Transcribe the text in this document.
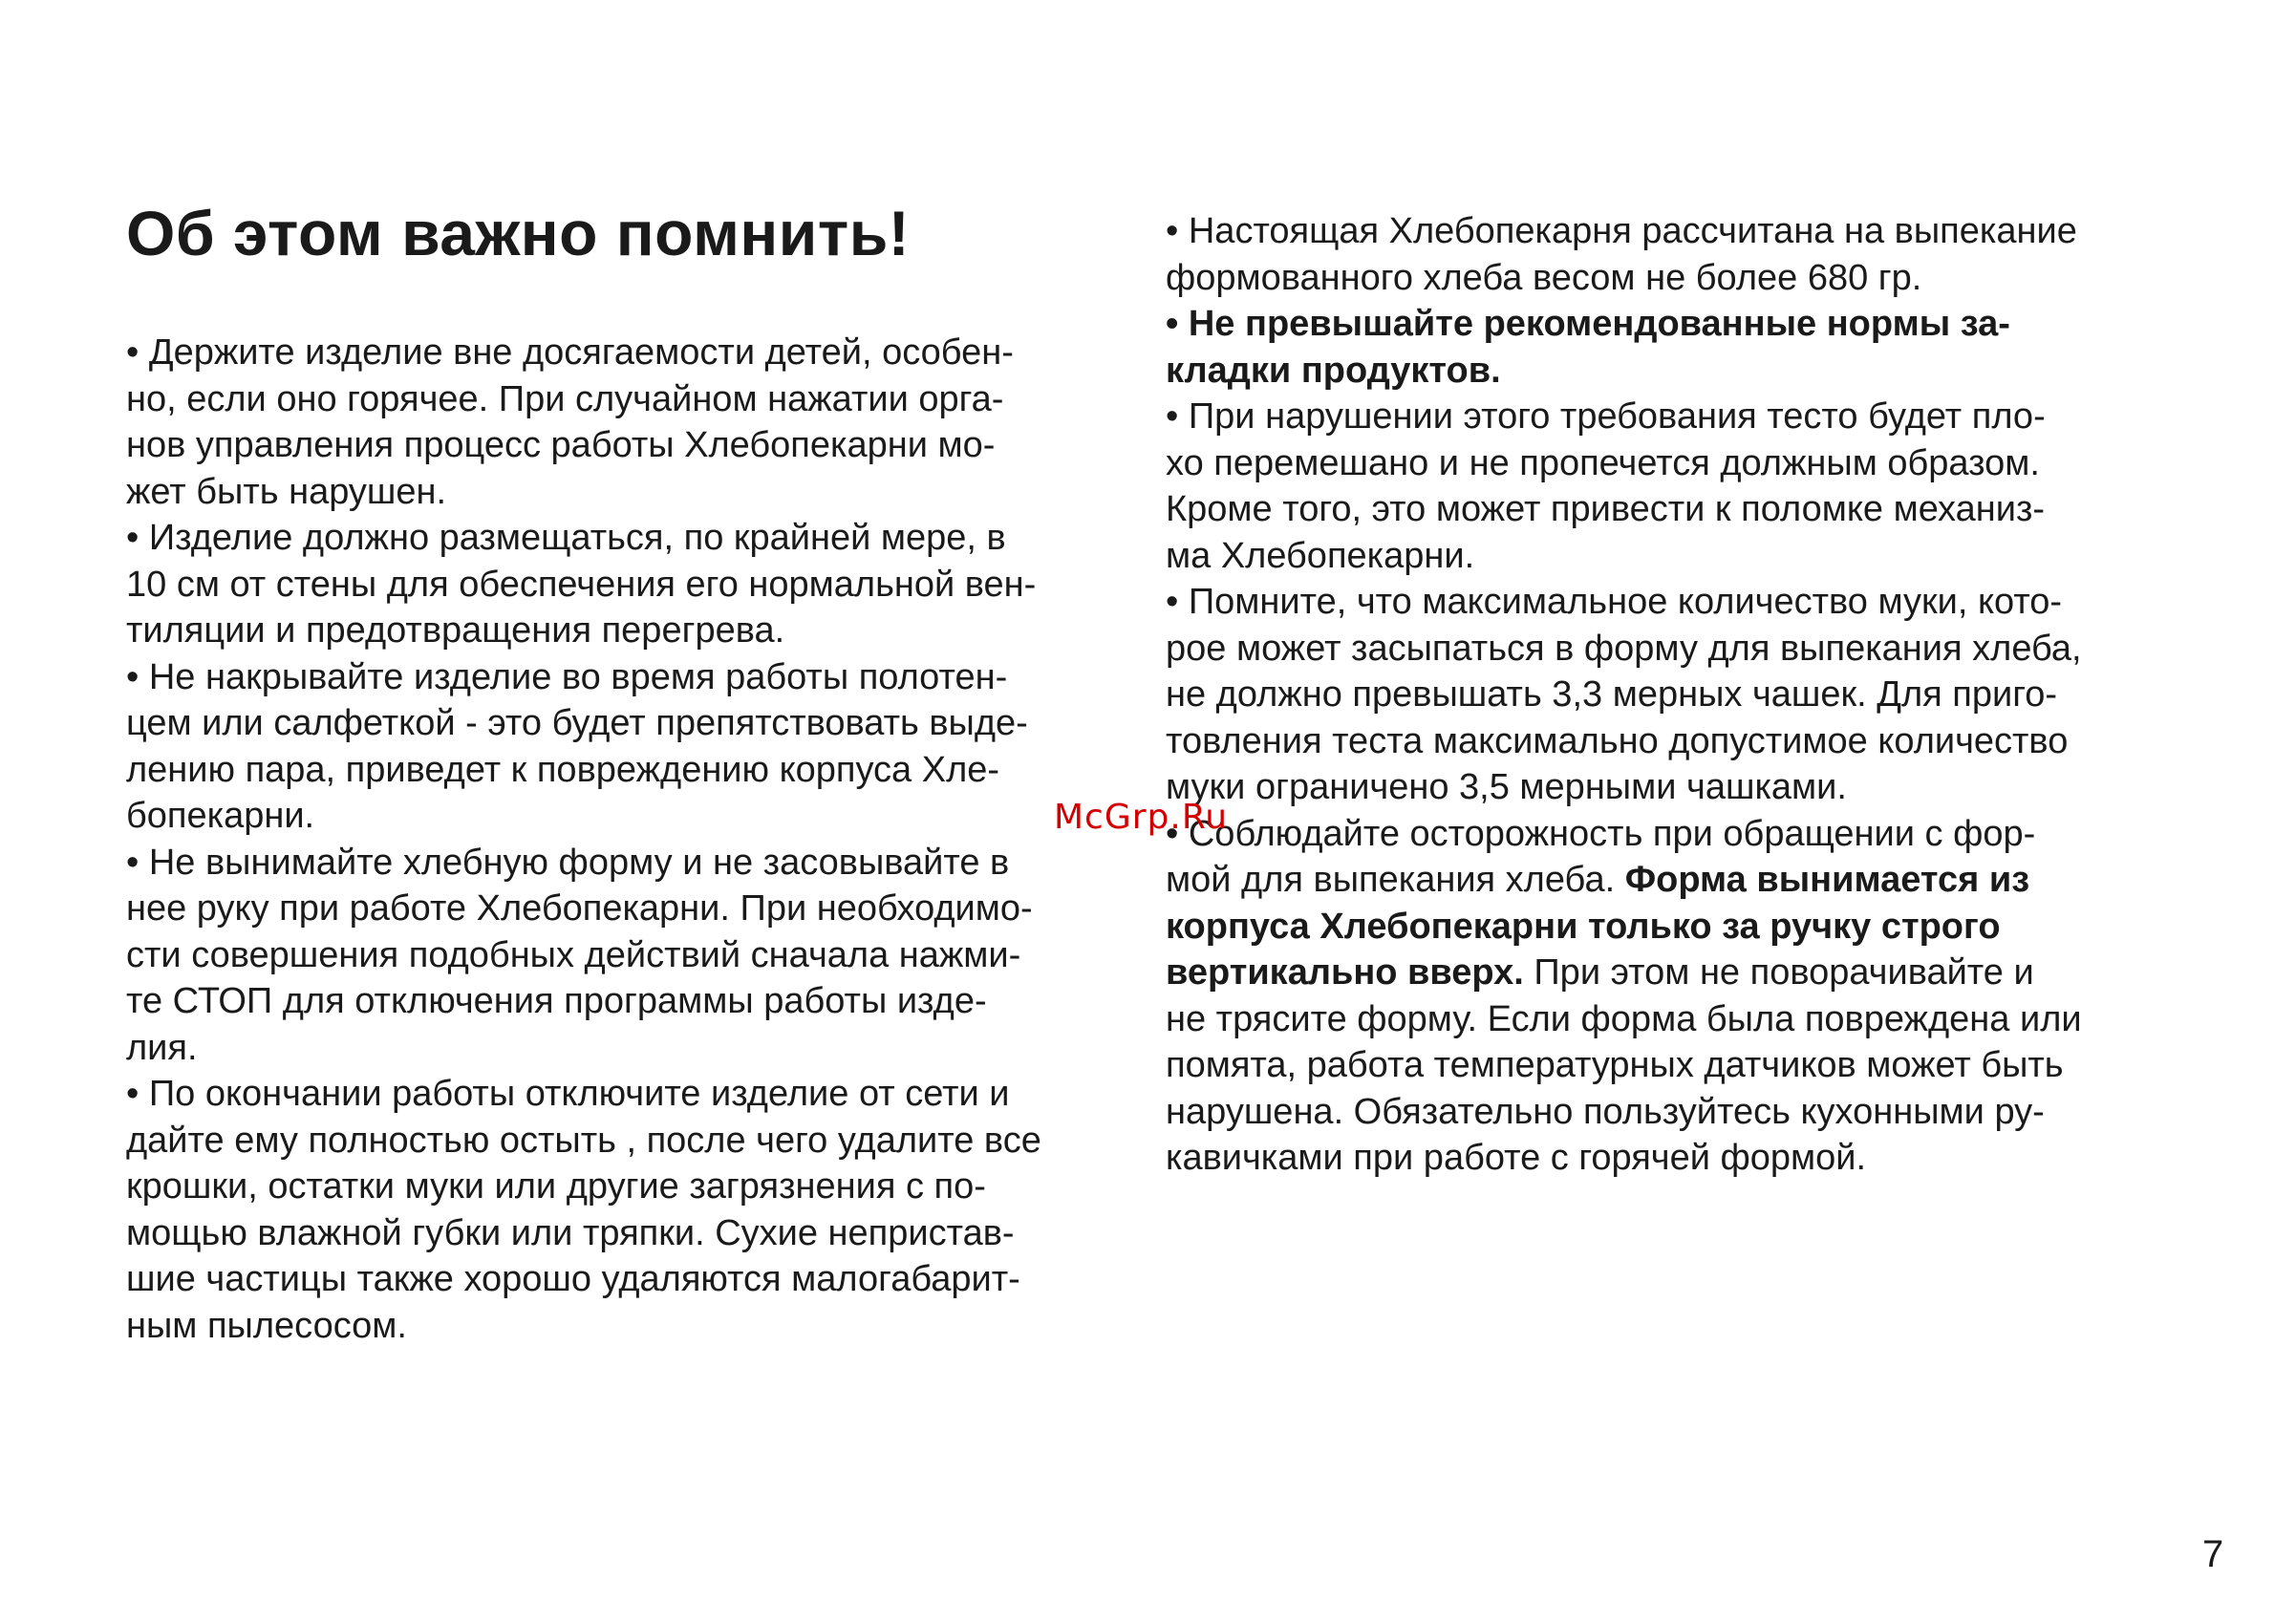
Об этом важно помнить!
• Держите изделие вне досягаемости детей, особен-
но, если оно горячее. При случайном нажатии орга-
нов управления процесс работы Хлебопекарни мо-
жет быть нарушен.
• Изделие должно размещаться, по крайней мере, в
10 см от стены для обеспечения его нормальной вен-
тиляции и предотвращения перегрева.
• Не накрывайте изделие во время работы полотен-
цем или салфеткой - это будет препятствовать выде-
лению пара, приведет к повреждению корпуса Хле-
бопекарни.
• Не вынимайте хлебную форму и не засовывайте в
нее руку при работе Хлебопекарни. При необходимо-
сти совершения подобных действий сначала нажми-
те СТОП для отключения программы работы изде-
лия.
• По окончании работы отключите изделие от сети и
дайте ему полностью остыть , после чего удалите все
крошки, остатки муки или другие загрязнения с по-
мощью влажной губки или тряпки. Сухие непристав-
шие частицы также хорошо удаляются малогабарит-
ным пылесосом.
• Настоящая Хлебопекарня рассчитана на выпекание
формованного хлеба весом не более 680 гр.
• Не превышайте рекомендованные нормы за-
кладки продуктов.
• При нарушении этого требования тесто будет пло-
хо перемешано и не пропечется должным образом.
Кроме того, это может привести к поломке механиз-
ма Хлебопекарни.
• Помните, что максимальное количество муки, кото-
рое может засыпаться в форму для выпекания хлеба,
не должно превышать 3,3 мерных чашек. Для приго-
товления теста максимально допустимое количество
муки ограничено 3,5 мерными чашками.
• Соблюдайте осторожность при обращении с фор-
мой для выпекания хлеба. Форма вынимается из
корпуса Хлебопекарни только за ручку строго
вертикально вверх. При этом не поворачивайте и
не трясите форму. Если форма была повреждена или
помята, работа температурных датчиков может быть
нарушена. Обязательно пользуйтесь кухонными ру-
кавичками при работе с горячей формой.
McGrp.Ru
7
